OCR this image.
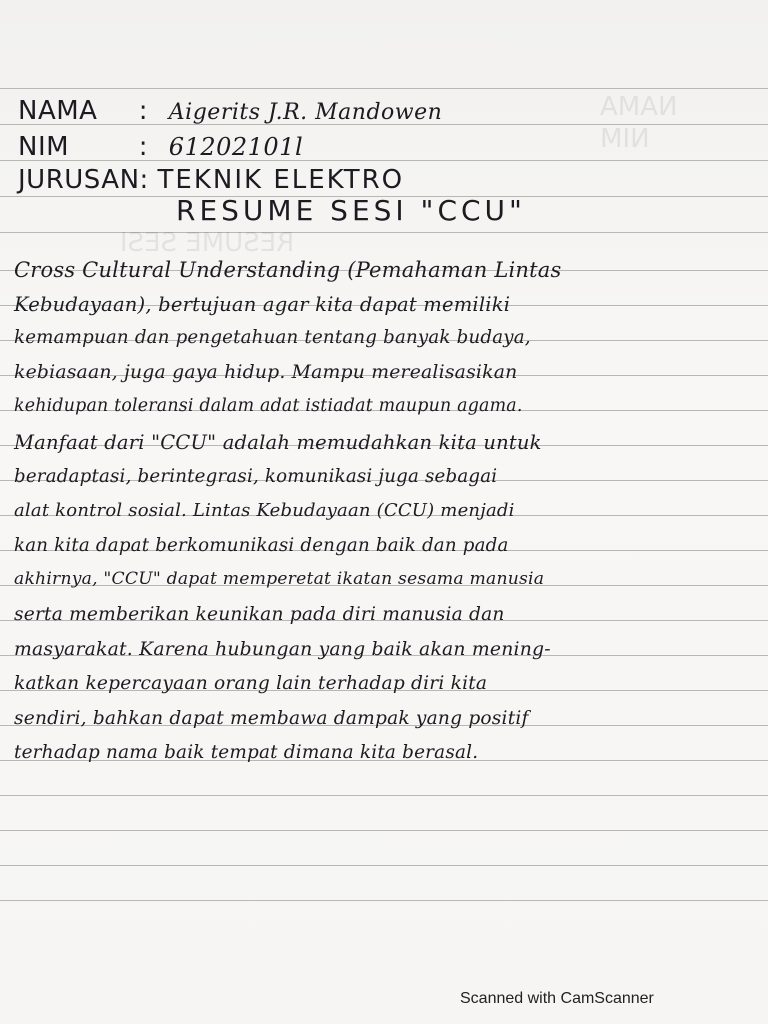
NAMA
NIM
RESUME SESI
NAMA : Aigerits J.R. Mandowen
NIM	: 61202101l
JURUSAN: TEKNIK ELEKTRO
RESUME SESI "CCU"
Cross Cultural Understanding (Pemahaman Lintas
Kebudayaan), bertujuan agar kita dapat memiliki
kemampuan dan pengetahuan tentang banyak budaya,
kebiasaan, juga gaya hidup. Mampu merealisasikan
kehidupan toleransi dalam adat istiadat maupun agama.
Manfaat dari "CCU" adalah memudahkan kita untuk
beradaptasi, berintegrasi, komunikasi juga sebagai
alat kontrol sosial. Lintas Kebudayaan (CCU) menjadi
kan kita dapat berkomunikasi dengan baik dan pada
akhirnya, "CCU" dapat memperetat ikatan sesama manusia
serta memberikan keunikan pada diri manusia dan
masyarakat. Karena hubungan yang baik akan mening-
katkan kepercayaan orang lain terhadap diri kita
sendiri, bahkan dapat membawa dampak yang positif
terhadap nama baik tempat dimana kita berasal.
Scanned with CamScanner
